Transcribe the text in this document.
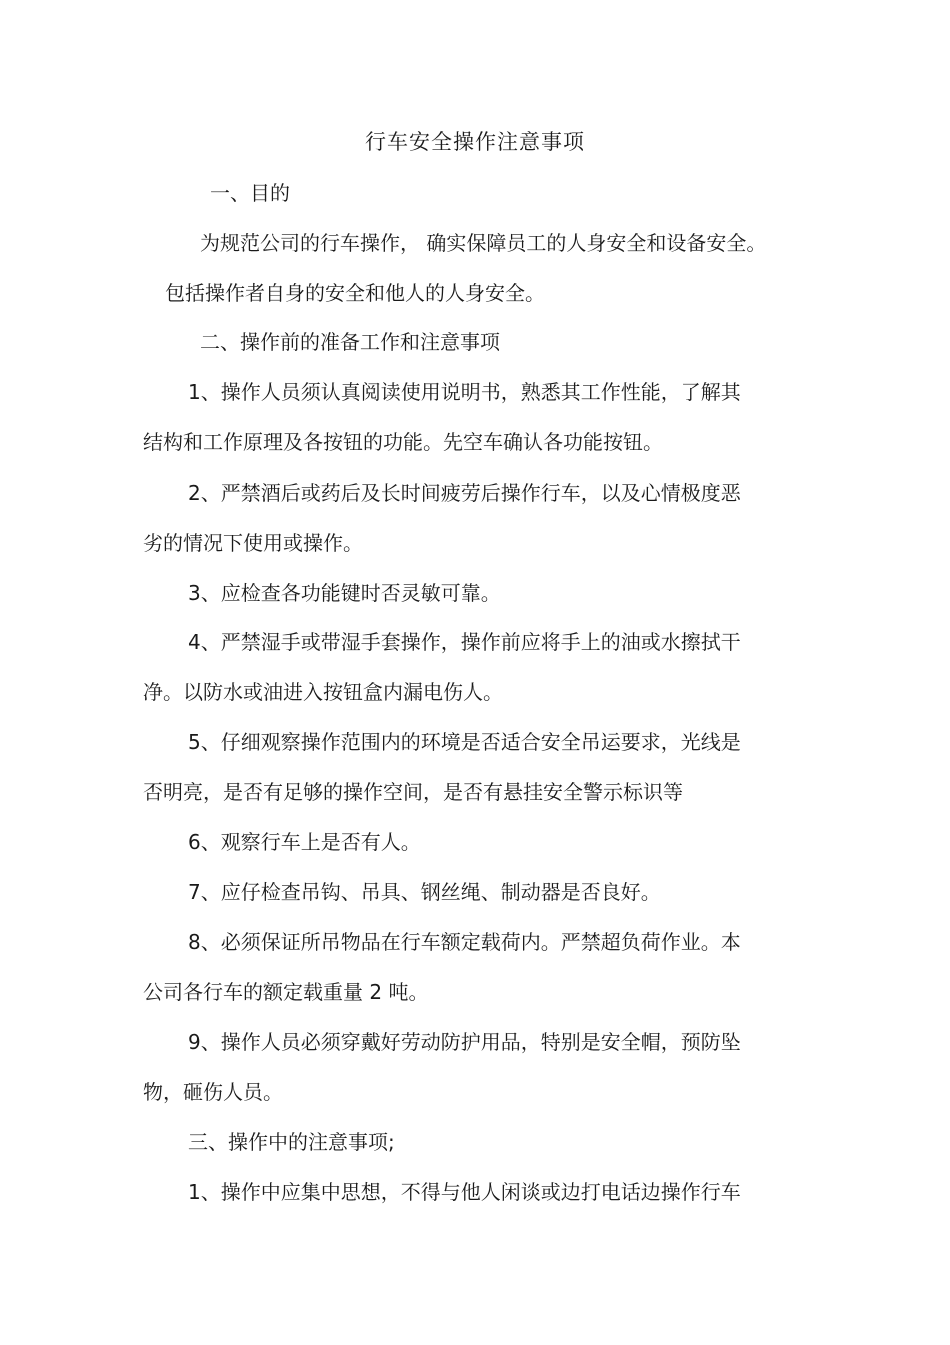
行车安全操作注意事项
一、目的
为规范公司的行车操作， 确实保障员工的人身安全和设备安全。
包括操作者自身的安全和他人的人身安全。
二、操作前的准备工作和注意事项
1、操作人员须认真阅读使用说明书，熟悉其工作性能，了解其
结构和工作原理及各按钮的功能。先空车确认各功能按钮。
2、严禁酒后或药后及长时间疲劳后操作行车，以及心情极度恶
劣的情况下使用或操作。
3、应检查各功能键时否灵敏可靠。
4、严禁湿手或带湿手套操作，操作前应将手上的油或水擦拭干
净。以防水或油进入按钮盒内漏电伤人。
5、仔细观察操作范围内的环境是否适合安全吊运要求，光线是
否明亮，是否有足够的操作空间，是否有悬挂安全警示标识等
6、观察行车上是否有人。
7、应仔检查吊钩、吊具、钢丝绳、制动器是否良好。
8、必须保证所吊物品在行车额定载荷内。严禁超负荷作业。本
公司各行车的额定载重量 2 吨。
9、操作人员必须穿戴好劳动防护用品，特别是安全帽，预防坠
物，砸伤人员。
三、操作中的注意事项;
1、操作中应集中思想，不得与他人闲谈或边打电话边操作行车
